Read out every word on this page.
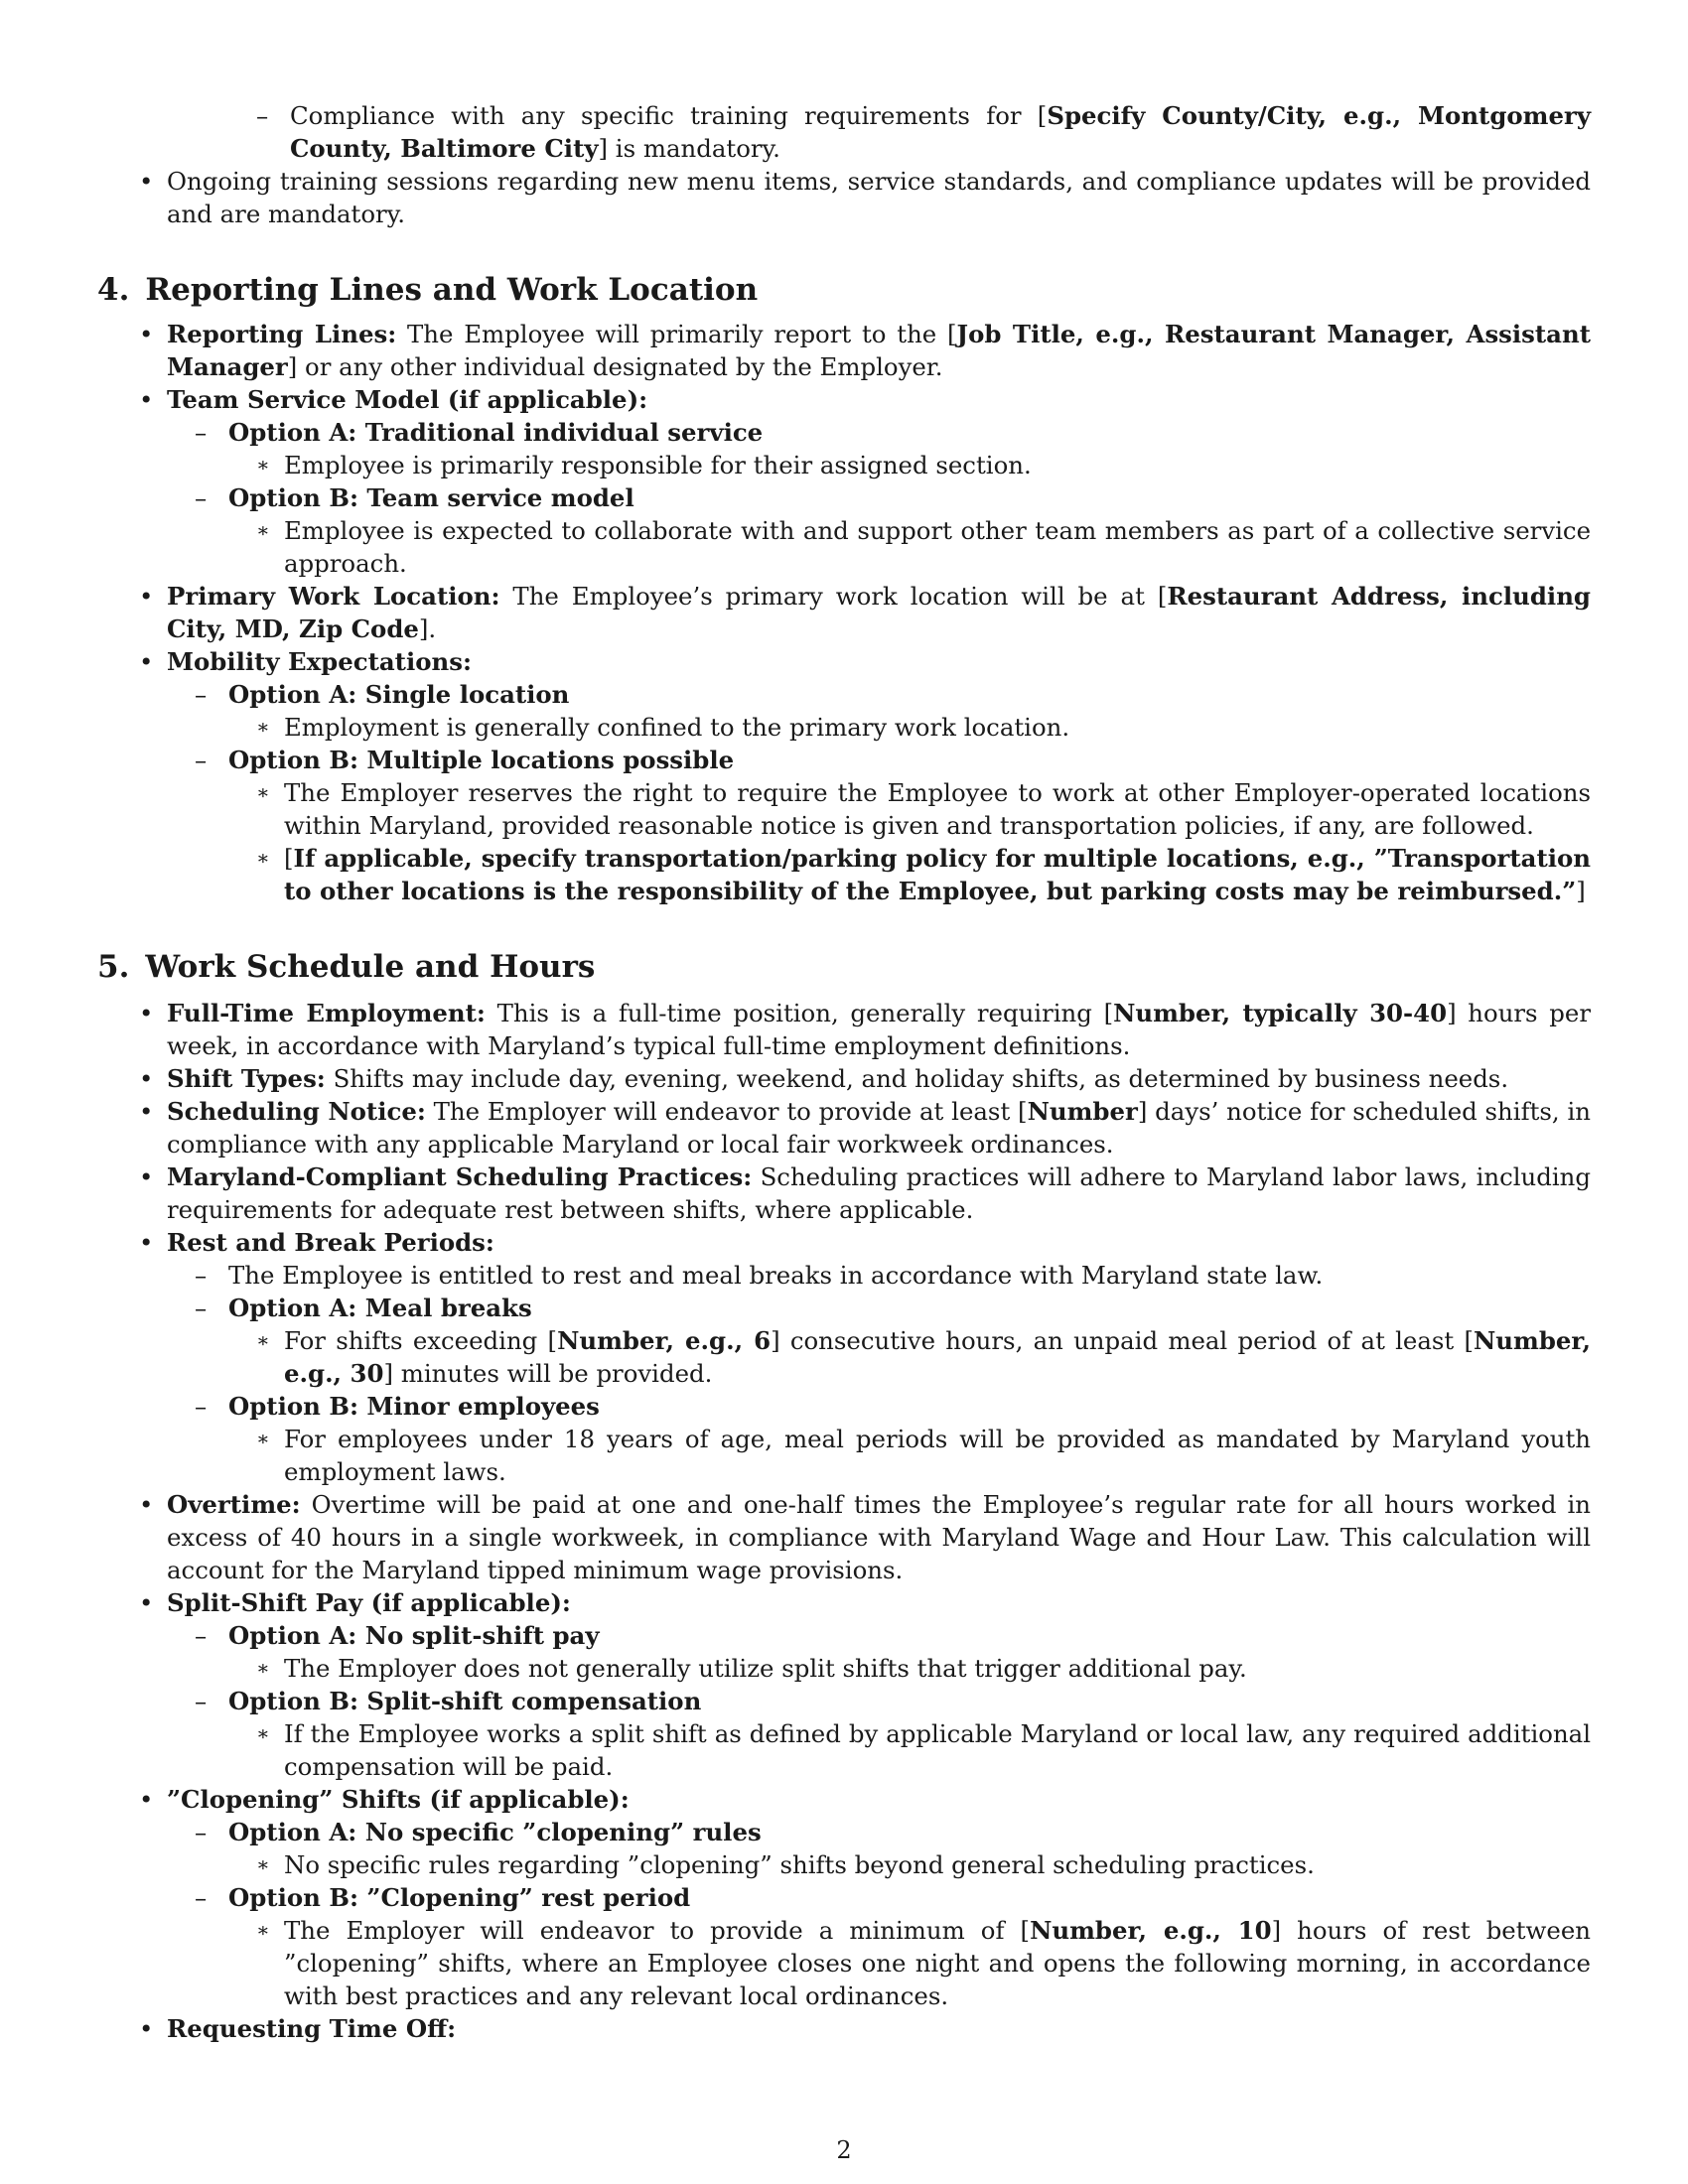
– Compliance with any specific training requirements for [Specify County/City, e.g., Montgomery County, Baltimore City] is mandatory.
• Ongoing training sessions regarding new menu items, service standards, and compliance updates will be provided and are mandatory.
4. Reporting Lines and Work Location
• Reporting Lines: The Employee will primarily report to the [Job Title, e.g., Restaurant Manager, Assistant Manager] or any other individual designated by the Employer.
• Team Service Model (if applicable):
– Option A: Traditional individual service
∗ Employee is primarily responsible for their assigned section.
– Option B: Team service model
∗ Employee is expected to collaborate with and support other team members as part of a collective service approach.
• Primary Work Location: The Employee’s primary work location will be at [Restaurant Address, including City, MD, Zip Code].
• Mobility Expectations:
– Option A: Single location
∗ Employment is generally confined to the primary work location.
– Option B: Multiple locations possible
∗ The Employer reserves the right to require the Employee to work at other Employer-operated locations within Maryland, provided reasonable notice is given and transportation policies, if any, are followed.
∗ [If applicable, specify transportation/parking policy for multiple locations, e.g., ”Transportation to other locations is the responsibility of the Employee, but parking costs may be reimbursed.”]
5. Work Schedule and Hours
• Full-Time Employment: This is a full-time position, generally requiring [Number, typically 30-40] hours per week, in accordance with Maryland’s typical full-time employment definitions.
• Shift Types: Shifts may include day, evening, weekend, and holiday shifts, as determined by business needs.
• Scheduling Notice: The Employer will endeavor to provide at least [Number] days’ notice for scheduled shifts, in compliance with any applicable Maryland or local fair workweek ordinances.
• Maryland-Compliant Scheduling Practices: Scheduling practices will adhere to Maryland labor laws, including requirements for adequate rest between shifts, where applicable.
• Rest and Break Periods:
– The Employee is entitled to rest and meal breaks in accordance with Maryland state law.
– Option A: Meal breaks
∗ For shifts exceeding [Number, e.g., 6] consecutive hours, an unpaid meal period of at least [Number, e.g., 30] minutes will be provided.
– Option B: Minor employees
∗ For employees under 18 years of age, meal periods will be provided as mandated by Maryland youth employment laws.
• Overtime: Overtime will be paid at one and one-half times the Employee’s regular rate for all hours worked in excess of 40 hours in a single workweek, in compliance with Maryland Wage and Hour Law. This calculation will account for the Maryland tipped minimum wage provisions.
• Split-Shift Pay (if applicable):
– Option A: No split-shift pay
∗ The Employer does not generally utilize split shifts that trigger additional pay.
– Option B: Split-shift compensation
∗ If the Employee works a split shift as defined by applicable Maryland or local law, any required additional compensation will be paid.
• ”Clopening” Shifts (if applicable):
– Option A: No specific ”clopening” rules
∗ No specific rules regarding ”clopening” shifts beyond general scheduling practices.
– Option B: ”Clopening” rest period
∗ The Employer will endeavor to provide a minimum of [Number, e.g., 10] hours of rest between ”clopening” shifts, where an Employee closes one night and opens the following morning, in accordance with best practices and any relevant local ordinances.
• Requesting Time Off:
2
